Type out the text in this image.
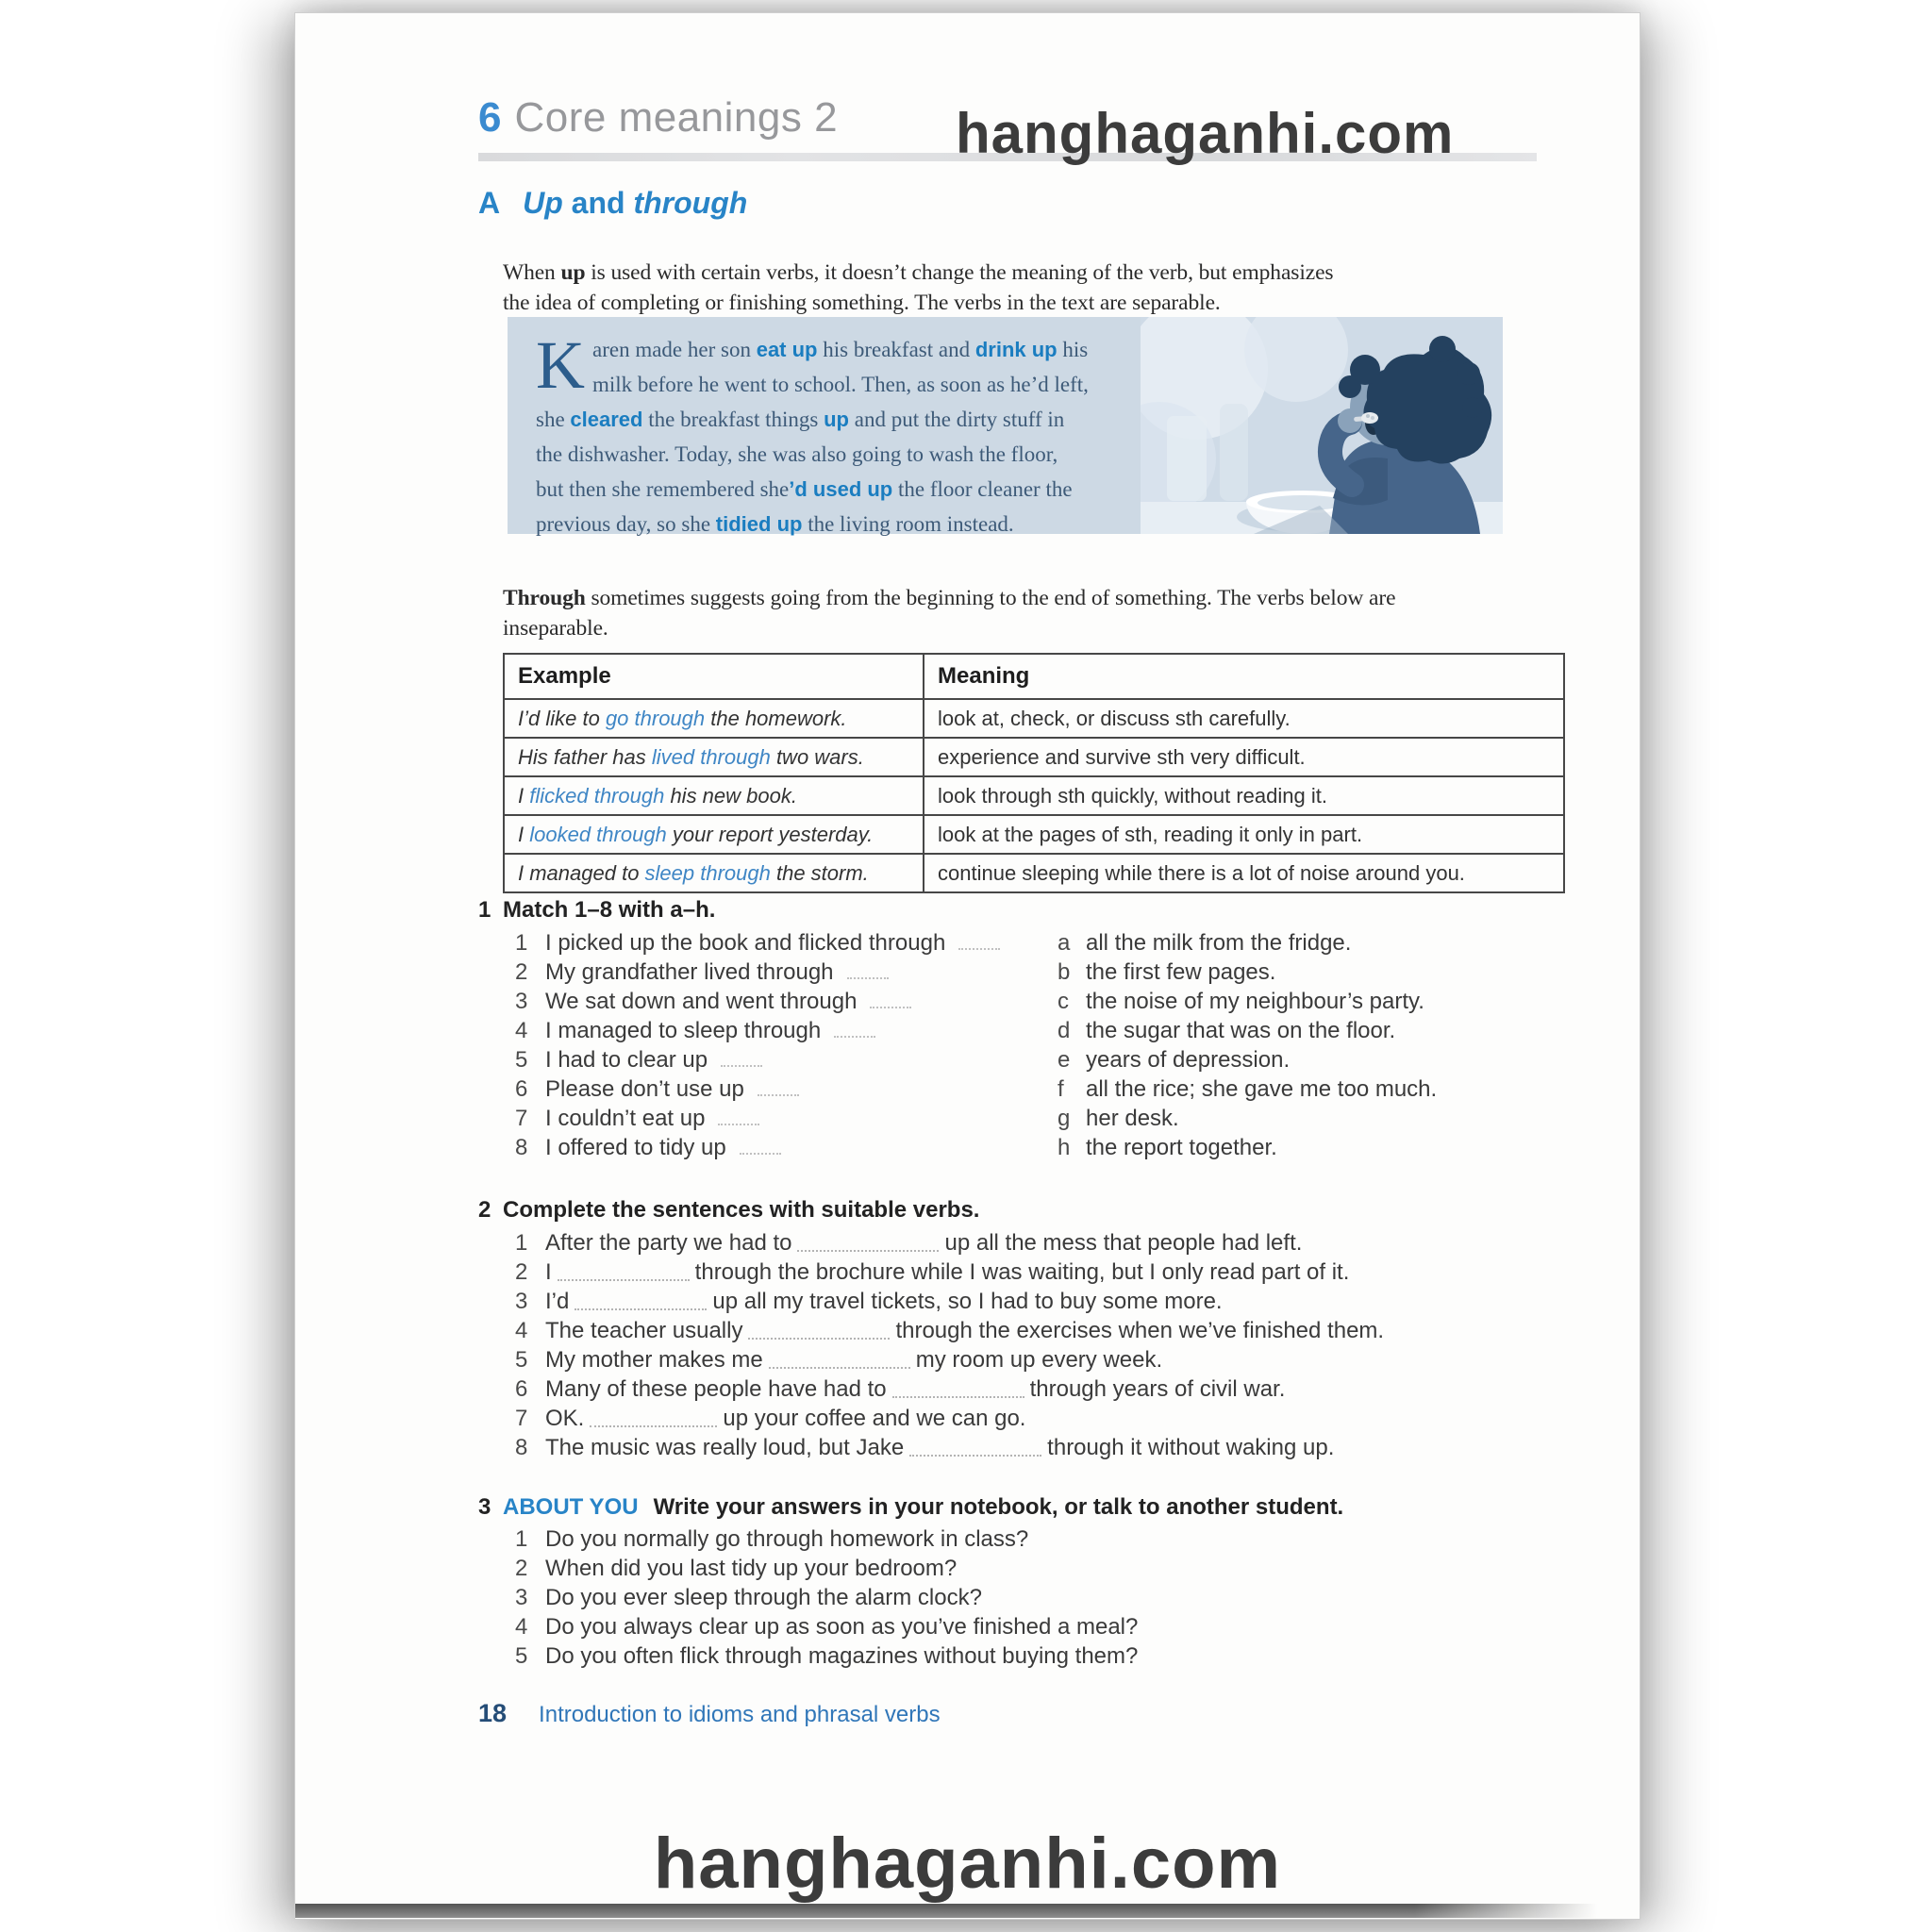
hanghaganhi.com
6 Core meanings 2
A Up and through

When up is used with certain verbs, it doesn’t change the meaning of the verb, but emphasizes
the idea of completing or finishing something. The verbs in the text are separable.

Karen made her son eat up his breakfast and drink up his
milk before he went to school. Then, as soon as he’d left,
she cleared the breakfast things up and put the dirty stuff in
the dishwasher. Today, she was also going to wash the floor,
but then she remembered she’d used up the floor cleaner the
previous day, so she tidied up the living room instead.

Through sometimes suggests going from the beginning to the end of something. The verbs below are
inseparable.

Example	Meaning
I’d like to go through the homework.	look at, check, or discuss sth carefully.
His father has lived through two wars.	experience and survive sth very difficult.
I flicked through his new book.	look through sth quickly, without reading it.
I looked through your report yesterday.	look at the pages of sth, reading it only in part.
I managed to sleep through the storm.	continue sleeping while there is a lot of noise around you.
1 Match 1–8 with a–h.
1 I picked up the book and flicked through	a all the milk from the fridge.
2 My grandfather lived through	b the first few pages.
3 We sat down and went through	c the noise of my neighbour’s party.
4 I managed to sleep through	d the sugar that was on the floor.
5 I had to clear up	e years of depression.
6 Please don’t use up	f all the rice; she gave me too much.
7 I couldn’t eat up	g her desk.
8 I offered to tidy up	h the report together.
2 Complete the sentences with suitable verbs.
1 After the party we had to	up all the mess that people had left.
2 I	through the brochure while I was waiting, but I only read part of it.
3 I’d	up all my travel tickets, so I had to buy some more.
4 The teacher usually	through the exercises when we’ve finished them.
5 My mother makes me	my room up every week.
6 Many of these people have had to	through years of civil war.
7 OK.	up your coffee and we can go.
8 The music was really loud, but Jake	through it without waking up.
3 ABOUT YOU Write your answers in your notebook, or talk to another student.
1 Do you normally go through homework in class?
2 When did you last tidy up your bedroom?
3 Do you ever sleep through the alarm clock?
4 Do you always clear up as soon as you’ve finished a meal?
5 Do you often flick through magazines without buying them?
18 Introduction to idioms and phrasal verbs
hanghaganhi.com
